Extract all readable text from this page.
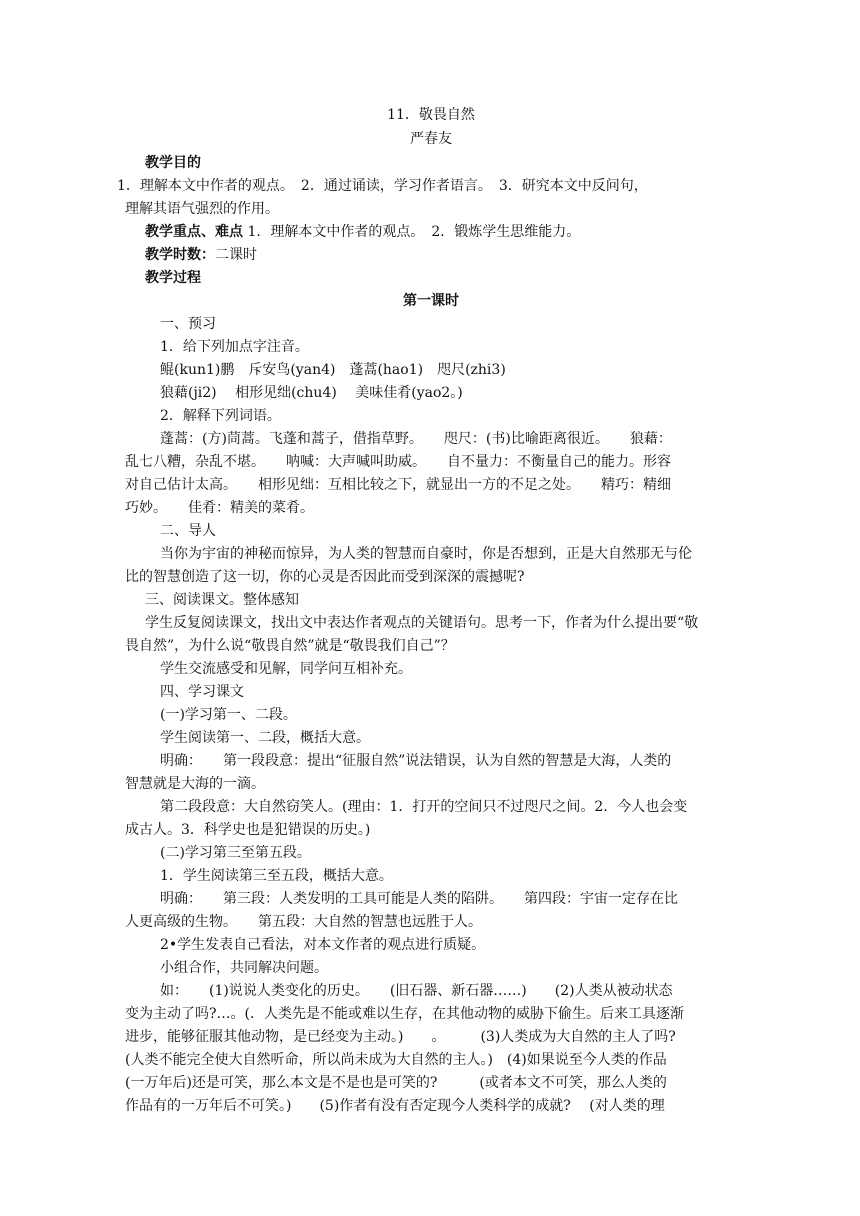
11．敬畏自然
严春友
教学目的
1．理解本文中作者的观点。　2．通过诵读，学习作者语言。　3．研究本文中反问句，
理解其语气强烈的作用。
教学重点、难点 1．理解本文中作者的观点。　2．锻炼学生思维能力。
教学时数：二课时
教学过程
第一课时
一、预习
1．给下列加点字注音。
鲲(kun1)鹏　斥安鸟(yan4)　蓬蒿(hao1)　咫尺(zhi3)
狼藉(ji2)　 相形见绌(chu4)　 美味佳肴(yao2。)
2．解释下列词语。
蓬蒿：(方)茼蒿。飞蓬和蒿子，借指草野。　　咫尺：(书)比喻距离很近。　　狼藉：
乱七八糟，杂乱不堪。　　呐喊：大声喊叫助威。　　自不量力：不衡量自己的能力。形容
对自己估计太高。　　相形见绌：互相比较之下，就显出一方的不足之处。　　精巧：精细
巧妙。　　佳肴：精美的菜肴。
二、导人
当你为宇宙的神秘而惊异，为人类的智慧而自豪时，你是否想到，正是大自然那无与伦
比的智慧创造了这一切，你的心灵是否因此而受到深深的震撼呢?
三、阅读课文。整体感知
学生反复阅读课文，找出文中表达作者观点的关键语句。思考一下，作者为什么提出要“敬
畏自然”，为什么说“敬畏自然”就是“敬畏我们自己”？
学生交流感受和见解，同学问互相补充。
四、学习课文
(一)学习第一、二段。
学生阅读第一、二段，概括大意。
明确：　　第一段段意：提出“征服自然”说法错误，认为自然的智慧是大海，人类的
智慧就是大海的一滴。
第二段段意：大自然窃笑人。(理由：1．打开的空间只不过咫尺之间。2．今人也会变
成古人。3．科学史也是犯错误的历史。)
(二)学习第三至第五段。
1．学生阅读第三至五段，概括大意。
明确：　　第三段：人类发明的工具可能是人类的陷阱。　　第四段：宇宙一定存在比
人更高级的生物。　　第五段：大自然的智慧也远胜于人。
2•学生发表自己看法，对本文作者的观点进行质疑。
小组合作，共同解决问题。
如：　　(1)说说人类变化的历史。　　(旧石器、新石器……)　　(2)人类从被动状态
变为主动了吗?…。(．人类先是不能或难以生存，在其他动物的威胁下偷生。后来工具逐渐
进步，能够征服其他动物，是已经变为主动。)　　。　　　(3)人类成为大自然的主人了吗?
(人类不能完全使大自然听命，所以尚未成为大自然的主人。)　(4)如果说至今人类的作品
(一万年后)还是可笑，那么本文是不是也是可笑的?　　　(或者本文不可笑，那么人类的
作品有的一万年后不可笑。)　　(5)作者有没有否定现今人类科学的成就?　 (对人类的理
